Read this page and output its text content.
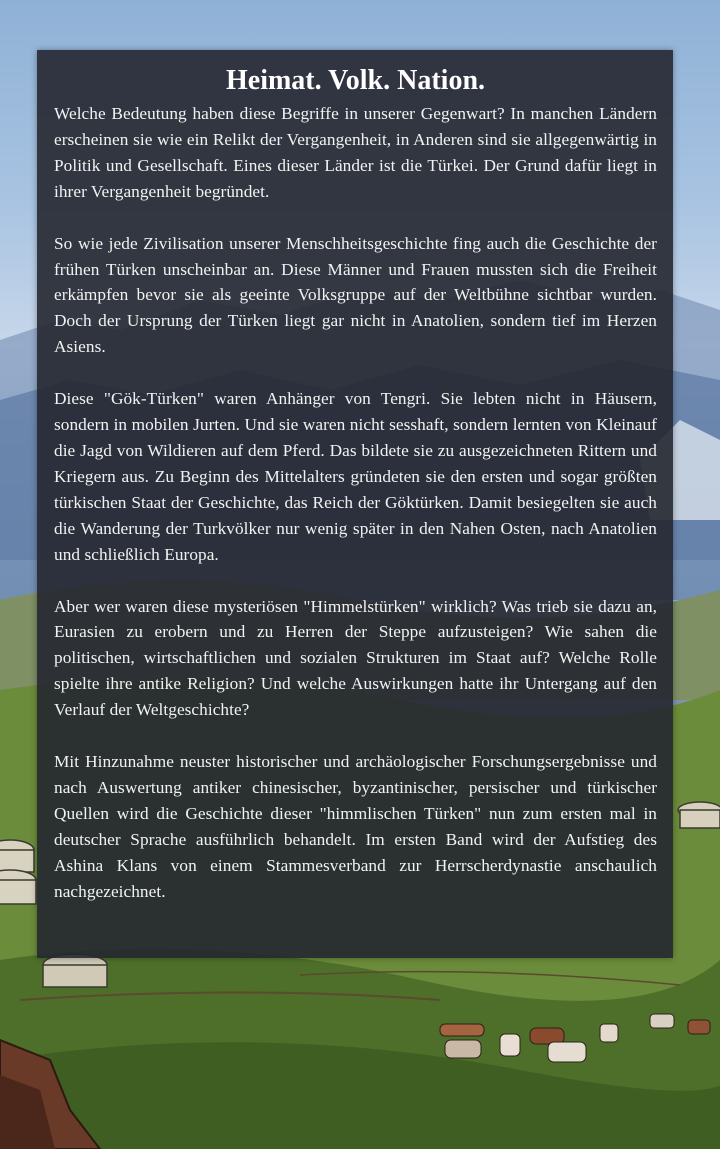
Heimat. Volk. Nation.

Welche Bedeutung haben diese Begriffe in unserer Gegenwart? In manchen Ländern erscheinen sie wie ein Relikt der Vergangenheit, in Anderen sind sie allgegenwärtig in Politik und Gesellschaft. Eines dieser Länder ist die Türkei. Der Grund dafür liegt in ihrer Vergangenheit begründet.

So wie jede Zivilisation unserer Menschheitsgeschichte fing auch die Geschichte der frühen Türken unscheinbar an. Diese Männer und Frauen mussten sich die Freiheit erkämpfen bevor sie als geeinte Volksgruppe auf der Weltbühne sichtbar wurden. Doch der Ursprung der Türken liegt gar nicht in Anatolien, sondern tief im Herzen Asiens.

Diese "Gök-Türken" waren Anhänger von Tengri. Sie lebten nicht in Häusern, sondern in mobilen Jurten. Und sie waren nicht sesshaft, sondern lernten von Kleinauf die Jagd von Wildieren auf dem Pferd. Das bildete sie zu ausgezeichneten Rittern und Kriegern aus. Zu Beginn des Mittelalters gründeten sie den ersten und sogar größten türkischen Staat der Geschichte, das Reich der Göktürken. Damit besiegelten sie auch die Wanderung der Turkvölker nur wenig später in den Nahen Osten, nach Anatolien und schließlich Europa.

Aber wer waren diese mysteriösen "Himmelstürken" wirklich? Was trieb sie dazu an, Eurasien zu erobern und zu Herren der Steppe aufzusteigen? Wie sahen die politischen, wirtschaftlichen und sozialen Strukturen im Staat auf? Welche Rolle spielte ihre antike Religion? Und welche Auswirkungen hatte ihr Untergang auf den Verlauf der Weltgeschichte?

Mit Hinzunahme neuster historischer und archäologischer Forschungsergebnisse und nach Auswertung antiker chinesischer, byzantinischer, persischer und türkischer Quellen wird die Geschichte dieser "himmlischen Türken" nun zum ersten mal in deutscher Sprache ausführlich behandelt. Im ersten Band wird der Aufstieg des Ashina Klans von einem Stammesverband zur Herrscherdynastie anschaulich nachgezeichnet.
